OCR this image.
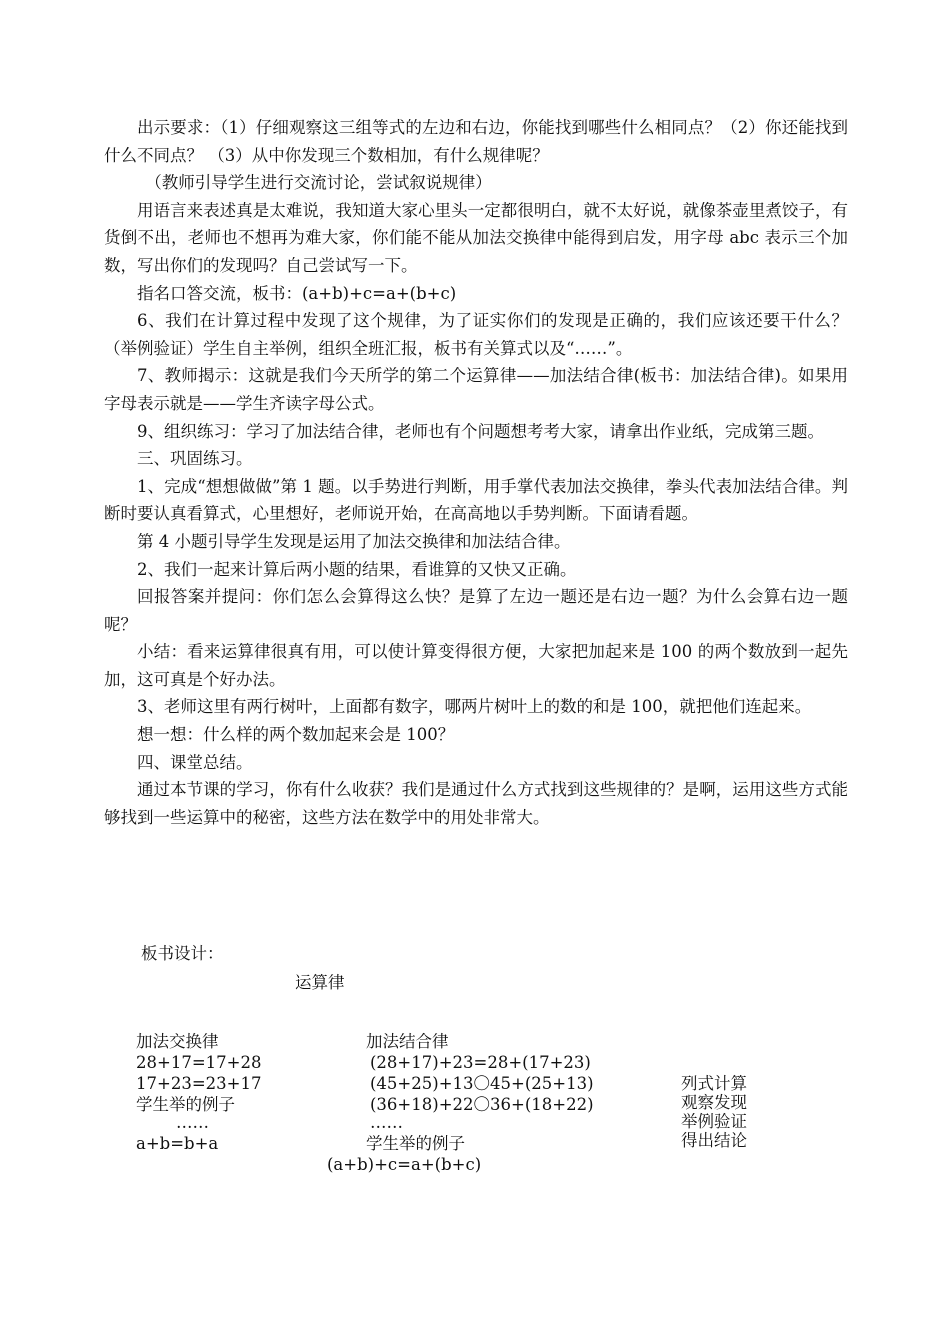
出示要求：（1）仔细观察这三组等式的左边和右边，你能找到哪些什么相同点？（2）你还能找到什么不同点？ （3）从中你发现三个数相加，有什么规律呢？

（教师引导学生进行交流讨论，尝试叙说规律）

用语言来表述真是太难说，我知道大家心里头一定都很明白，就不太好说，就像茶壶里煮饺子，有货倒不出，老师也不想再为难大家，你们能不能从加法交换律中能得到启发，用字母 abc 表示三个加数，写出你们的发现吗？自己尝试写一下。

指名口答交流，板书：(a+b)+c=a+(b+c)

6、我们在计算过程中发现了这个规律，为了证实你们的发现是正确的，我们应该还要干什么？（举例验证）学生自主举例，组织全班汇报，板书有关算式以及“……”。

7、教师揭示：这就是我们今天所学的第二个运算律——加法结合律(板书：加法结合律)。如果用字母表示就是——学生齐读字母公式。

9、组织练习：学习了加法结合律，老师也有个问题想考考大家，请拿出作业纸，完成第三题。

三、巩固练习。

1、完成“想想做做”第 1 题。以手势进行判断，用手掌代表加法交换律，拳头代表加法结合律。判断时要认真看算式，心里想好，老师说开始，在高高地以手势判断。下面请看题。

第 4 小题引导学生发现是运用了加法交换律和加法结合律。

2、我们一起来计算后两小题的结果，看谁算的又快又正确。

回报答案并提问：你们怎么会算得这么快？是算了左边一题还是右边一题？为什么会算右边一题呢？

小结：看来运算律很真有用，可以使计算变得很方便，大家把加起来是 100 的两个数放到一起先加，这可真是个好办法。

3、老师这里有两行树叶，上面都有数字，哪两片树叶上的数的和是 100，就把他们连起来。

想一想：什么样的两个数加起来会是 100？

四、课堂总结。

通过本节课的学习，你有什么收获？我们是通过什么方式找到这些规律的？是啊，运用这些方式能够找到一些运算中的秘密，这些方法在数学中的用处非常大。

板书设计：
运算律
加法交换律
28+17=17+28
17+23=23+17
学生举的例子
……
a+b=b+a
加法结合律
(28+17)+23=28+(17+23)
(45+25)+13〇45+(25+13)
(36+18)+22〇36+(18+22)
……
学生举的例子
(a+b)+c=a+(b+c)
列式计算
观察发现
举例验证
得出结论
